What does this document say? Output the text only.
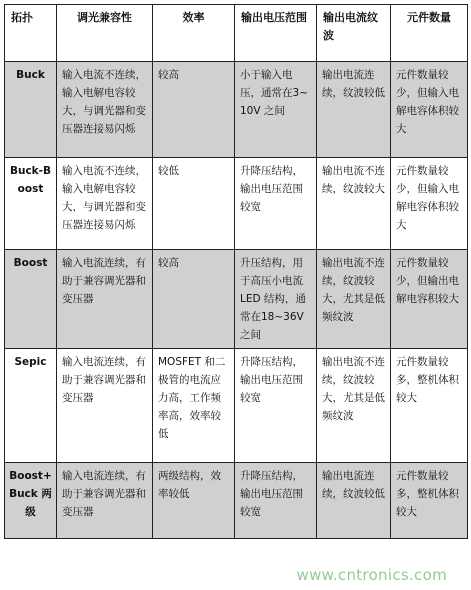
拓扑	调光兼容性	效率	输出电压范围	输出电流纹波	元件数量
Buck	输入电流不连续，输入电解电容较大，与调光器和变压器连接易闪烁	较高	小于输入电压，通常在3~10V 之间	输出电流连续，纹波较低	元件数量较少，但输入电解电容体积较大
Buck-Boost	输入电流不连续，输入电解电容较大，与调光器和变压器连接易闪烁	较低	升降压结构，输出电压范围较宽	输出电流不连续，纹波较大	元件数量较少，但输入电解电容体积较大
Boost	输入电流连续，有助于兼容调光器和变压器	较高	升压结构，用于高压小电流 LED 结构，通常在18~36V 之间	输出电流不连续，纹波较大，尤其是低频纹波	元件数量较少，但输出电解电容积较大
Sepic	输入电流连续，有助于兼容调光器和变压器	MOSFET 和二极管的电流应力高，工作频率高，效率较低	升降压结构，输出电压范围较宽	输出电流不连续，纹波较大，尤其是低频纹波	元件数量较多，整机体积较大
Boost+ Buck 两级	输入电流连续，有助于兼容调光器和变压器	两级结构，效率较低	升降压结构，输出电压范围较宽	输出电流连续，纹波较低	元件数量较多，整机体积较大
www.cntronics.com
